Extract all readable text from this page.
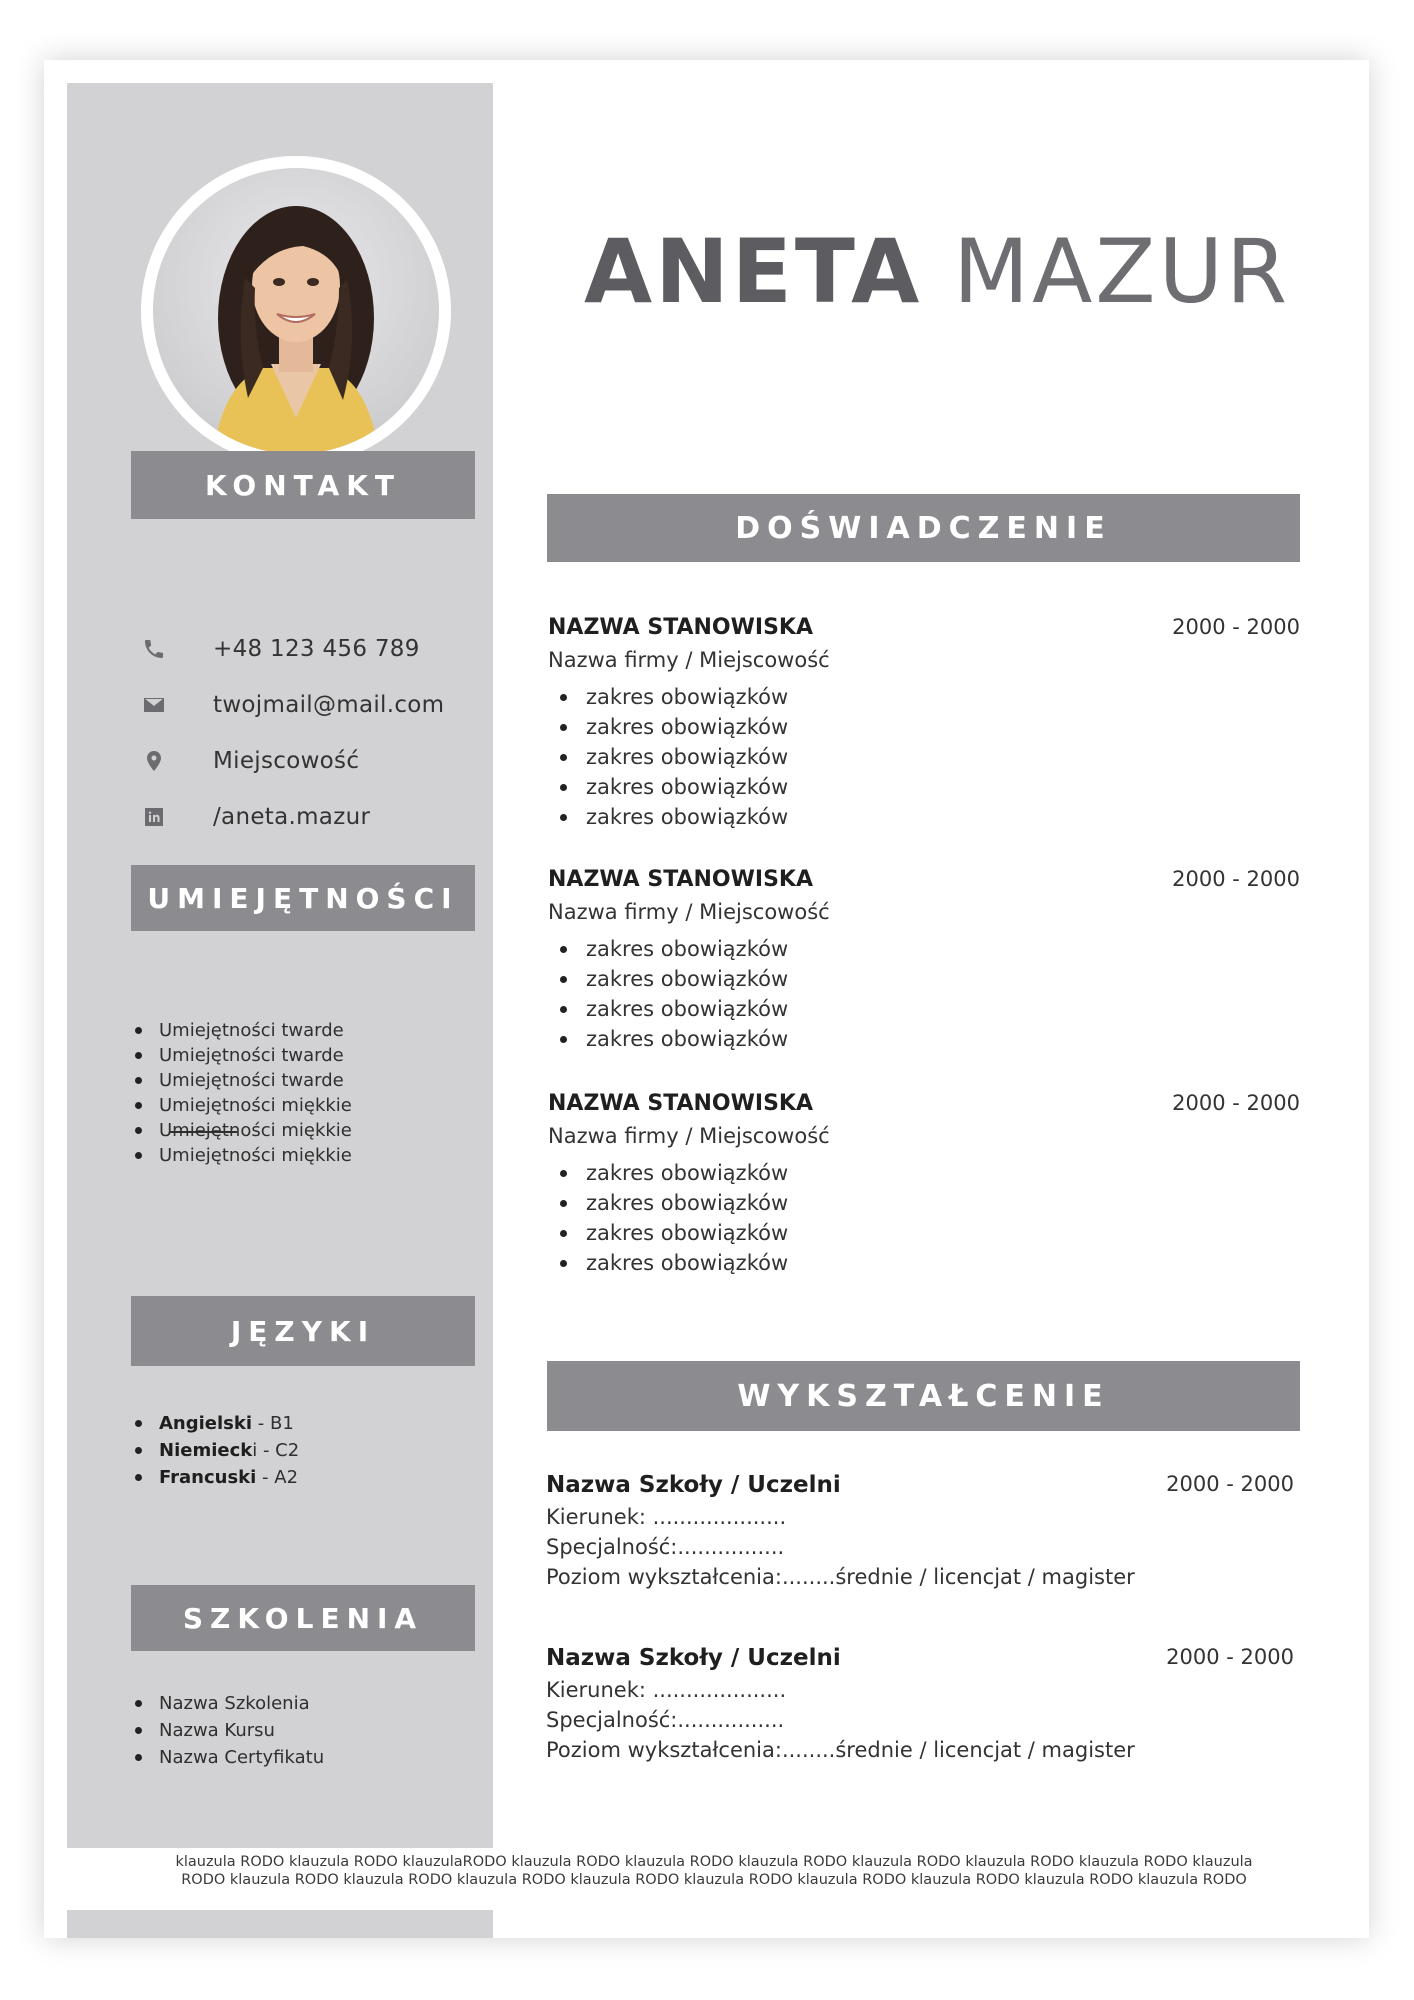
KONTAKT
+48 123 456 789
twojmail@mail.com
Miejscowość
/aneta.mazur
UMIEJĘTNOŚCI
Umiejętności twarde
Umiejętności twarde
Umiejętności twarde
Umiejętności miękkie
Umiejętności miękkie
Umiejętności miękkie
JĘZYKI
Angielski - B1
Niemiecki - C2
Francuski - A2
SZKOLENIA
Nazwa Szkolenia
Nazwa Kursu
Nazwa Certyfikatu
ANETA MAZUR
DOŚWIADCZENIE
NAZWA STANOWISKA	2000 - 2000
Nazwa firmy / Miejscowość
zakres obowiązków
zakres obowiązków
zakres obowiązków
zakres obowiązków
zakres obowiązków
NAZWA STANOWISKA	2000 - 2000
Nazwa firmy / Miejscowość
zakres obowiązków
zakres obowiązków
zakres obowiązków
zakres obowiązków
NAZWA STANOWISKA	2000 - 2000
Nazwa firmy / Miejscowość
zakres obowiązków
zakres obowiązków
zakres obowiązków
zakres obowiązków
WYKSZTAŁCENIE
Nazwa Szkoły / Uczelni	2000 - 2000
Kierunek: ....................
Specjalność:................
Poziom wykształcenia:........średnie / licencjat / magister
Nazwa Szkoły / Uczelni	2000 - 2000
Kierunek: ....................
Specjalność:................
Poziom wykształcenia:........średnie / licencjat / magister
klauzula RODO klauzula RODO klauzulaRODO klauzula RODO klauzula RODO klauzula RODO klauzula RODO klauzula RODO klauzula RODO klauzula
RODO klauzula RODO klauzula RODO klauzula RODO klauzula RODO klauzula RODO klauzula RODO klauzula RODO klauzula RODO klauzula RODO
